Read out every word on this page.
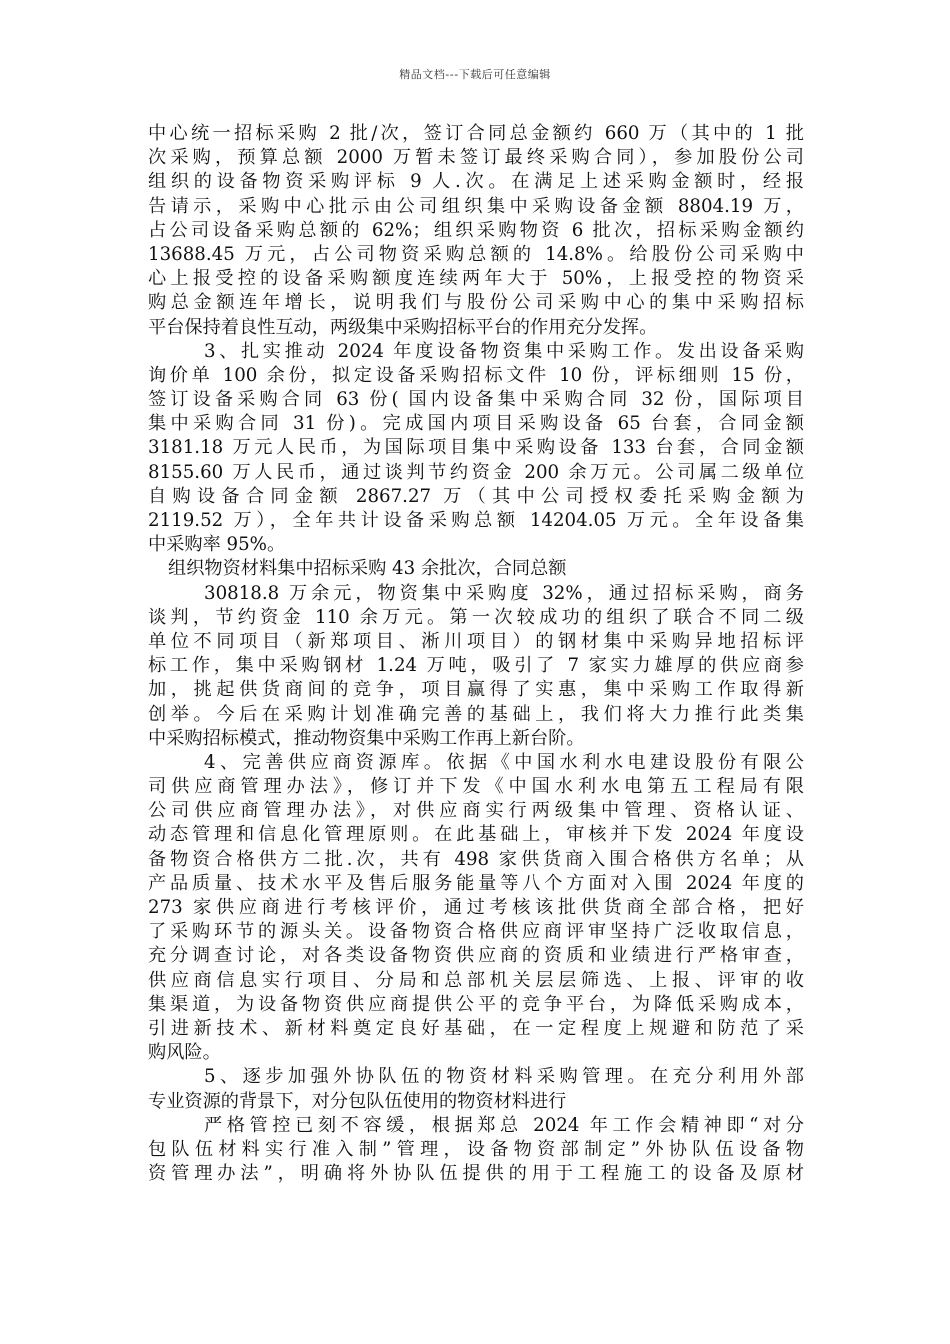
精品文档---下载后可任意编辑
中心统一招标采购 2 批/次，签订合同总金额约 660 万（其中的 1 批
次采购，预算总额 2000 万暂未签订最终采购合同），参加股份公司
组织的设备物资采购评标 9 人.次。在满足上述采购金额时，经报
告请示，采购中心批示由公司组织集中采购设备金额 8804.19 万，
占公司设备采购总额的 62%；组织采购物资 6 批次，招标采购金额约
13688.45 万元，占公司物资采购总额的 14.8%。给股份公司采购中
心上报受控的设备采购额度连续两年大于 50%，上报受控的物资采
购总金额连年增长，说明我们与股份公司采购中心的集中采购招标
平台保持着良性互动，两级集中采购招标平台的作用充分发挥。
3、扎实推动 2024 年度设备物资集中采购工作。发出设备采购
询价单 100 余份，拟定设备采购招标文件 10 份，评标细则 15 份，
签订设备采购合同 63 份( 国内设备集中采购合同 32 份，国际项目
集中采购合同 31 份)。完成国内项目采购设备 65 台套，合同金额
3181.18 万元人民币，为国际项目集中采购设备 133 台套，合同金额
8155.60 万人民币，通过谈判节约资金 200 余万元。公司属二级单位
自购设备合同金额 2867.27 万（其中公司授权委托采购金额为
2119.52 万），全年共计设备采购总额 14204.05 万元。全年设备集
中采购率 95%。
组织物资材料集中招标采购 43 余批次，合同总额
30818.8 万余元，物资集中采购度 32%，通过招标采购，商务
谈判，节约资金 110 余万元。第一次较成功的组织了联合不同二级
单位不同项目（新郑项目、淅川项目）的钢材集中采购异地招标评
标工作，集中采购钢材 1.24 万吨，吸引了 7 家实力雄厚的供应商参
加，挑起供货商间的竞争，项目赢得了实惠，集中采购工作取得新
创举。今后在采购计划准确完善的基础上，我们将大力推行此类集
中采购招标模式，推动物资集中采购工作再上新台阶。
4、完善供应商资源库。依据《中国水利水电建设股份有限公
司供应商管理办法》，修订并下发《中国水利水电第五工程局有限
公司供应商管理办法》，对供应商实行两级集中管理、资格认证、
动态管理和信息化管理原则。在此基础上，审核并下发 2024 年度设
备物资合格供方二批.次，共有 498 家供货商入围合格供方名单；从
产品质量、技术水平及售后服务能量等八个方面对入围 2024 年度的
273 家供应商进行考核评价，通过考核该批供货商全部合格，把好
了采购环节的源头关。设备物资合格供应商评审坚持广泛收取信息，
充分调查讨论，对各类设备物资供应商的资质和业绩进行严格审查，
供应商信息实行项目、分局和总部机关层层筛选、上报、评审的收
集渠道，为设备物资供应商提供公平的竞争平台，为降低采购成本，
引进新技术、新材料奠定良好基础，在一定程度上规避和防范了采
购风险。
5、逐步加强外协队伍的物资材料采购管理。在充分利用外部
专业资源的背景下，对分包队伍使用的物资材料进行
严格管控已刻不容缓，根据郑总 2024 年工作会精神即“对分
包队伍材料实行准入制”管理，设备物资部制定”外协队伍设备物
资管理办法”，明确将外协队伍提供的用于工程施工的设备及原材
